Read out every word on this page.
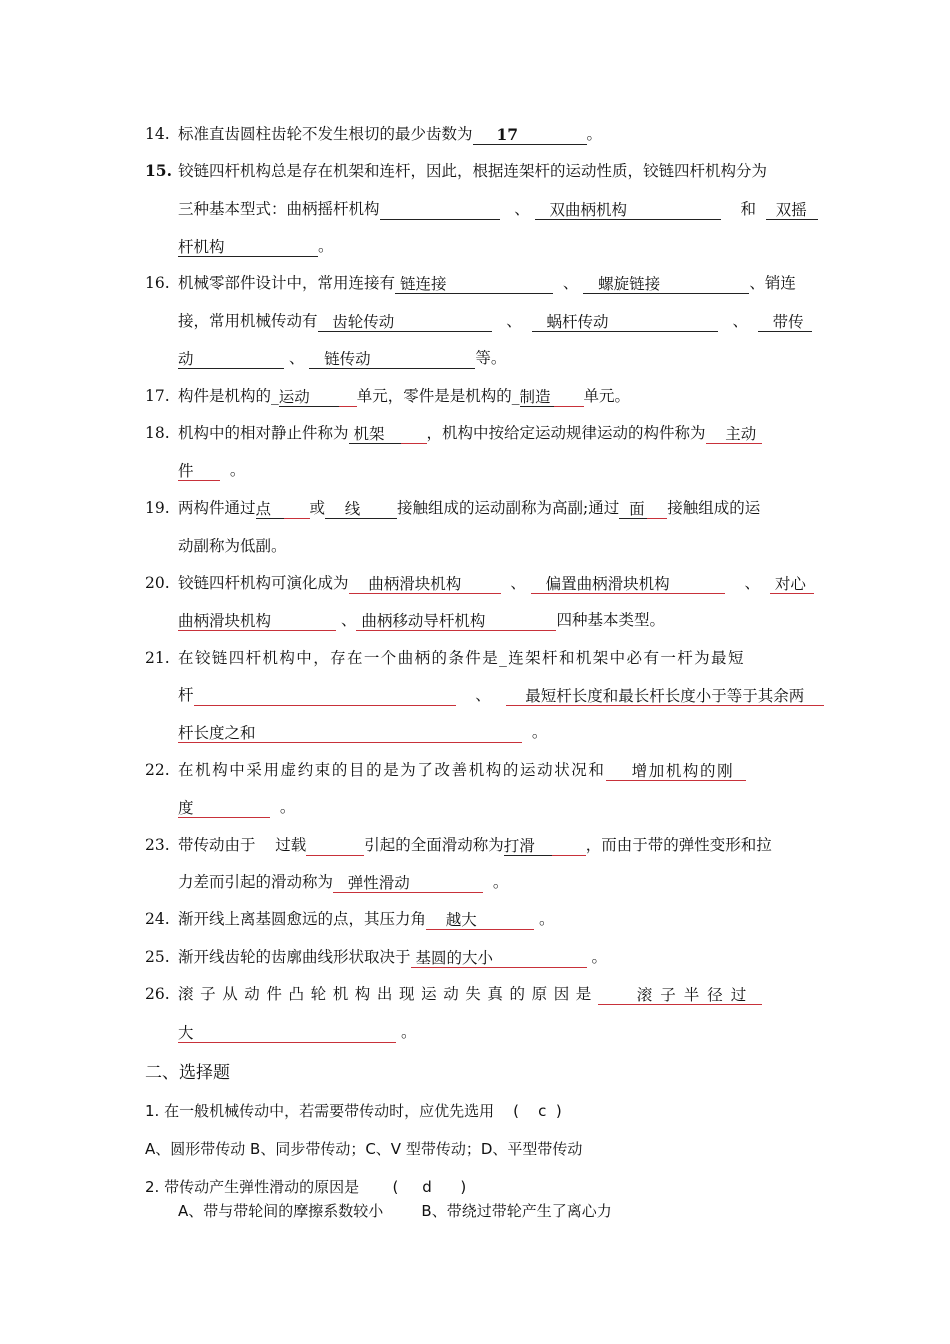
14. 标准直齿圆柱齿轮不发生根切的最少齿数为 17	。
15. 铰链四杆机构总是存在机架和连杆，因此，根据连架杆的运动性质，铰链四杆机构分为
三种基本型式：曲柄摇杆机构	、 双曲柄机构	和 双摇
杆机构	。
16. 机械零部件设计中，常用连接有 链连接	、 螺旋链接	、销连
接，常用机械传动有 齿轮传动	、 蜗杆传动	、 带传
动	、 链传动	等。
17. 构件是机构的_运动	单元，零件是是机构的_制造 单元。
18. 机构中的相对静止件称为 机架	，机构中按给定运动规律运动的构件称为 主动
件 。
19. 两构件通过点 或 线 接触组成的运动副称为高副;通过 面 接触组成的运
动副称为低副。
20. 铰链四杆机构可演化成为 曲柄滑块机构	、 偏置曲柄滑块机构	、 对心
曲柄滑块机构	、 曲柄移动导杆机构	四种基本类型。
21. 在铰链四杆机构中，存在一个曲柄的条件是_连架杆和机架中必有一杆为最短
杆	、 最短杆长度和最长杆长度小于等于其余两
杆长度之和	。
22. 在机构中采用虚约束的目的是为了改善机构的运动状况和 增加机构的刚
度	。
23. 带传动由于 过载	引起的全面滑动称为打滑	，而由于带的弹性变形和拉
力差而引起的滑动称为 弹性滑动	。
24. 渐开线上离基圆愈远的点，其压力角 越大	。
25. 渐开线齿轮的齿廓曲线形状取决于 基圆的大小	。
26. 滚子从动件凸轮机构出现运动失真的原因是	滚子半径过
大	。
二、选择题
1. 在一般机械传动中，若需要带传动时，应优先选用 ( c )
A、圆形带传动 B、同步带传动；C、V 型带传动；D、平型带传动
2. 带传动产生弹性滑动的原因是 ( d )
A、带与带轮间的摩擦系数较小	B、带绕过带轮产生了离心力
